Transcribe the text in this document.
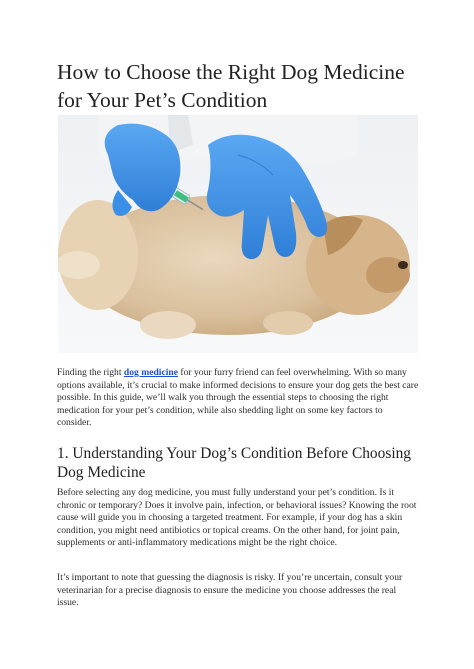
How to Choose the Right Dog Medicine for Your Pet’s Condition

Finding the right dog medicine for your furry friend can feel overwhelming. With so many options available, it’s crucial to make informed decisions to ensure your dog gets the best care possible. In this guide, we’ll walk you through the essential steps to choosing the right medication for your pet’s condition, while also shedding light on some key factors to consider.

1. Understanding Your Dog’s Condition Before Choosing Dog Medicine

Before selecting any dog medicine, you must fully understand your pet’s condition. Is it chronic or temporary? Does it involve pain, infection, or behavioral issues? Knowing the root cause will guide you in choosing a targeted treatment. For example, if your dog has a skin condition, you might need antibiotics or topical creams. On the other hand, for joint pain, supplements or anti-inflammatory medications might be the right choice.

It’s important to note that guessing the diagnosis is risky. If you’re uncertain, consult your veterinarian for a precise diagnosis to ensure the medicine you choose addresses the real issue.
